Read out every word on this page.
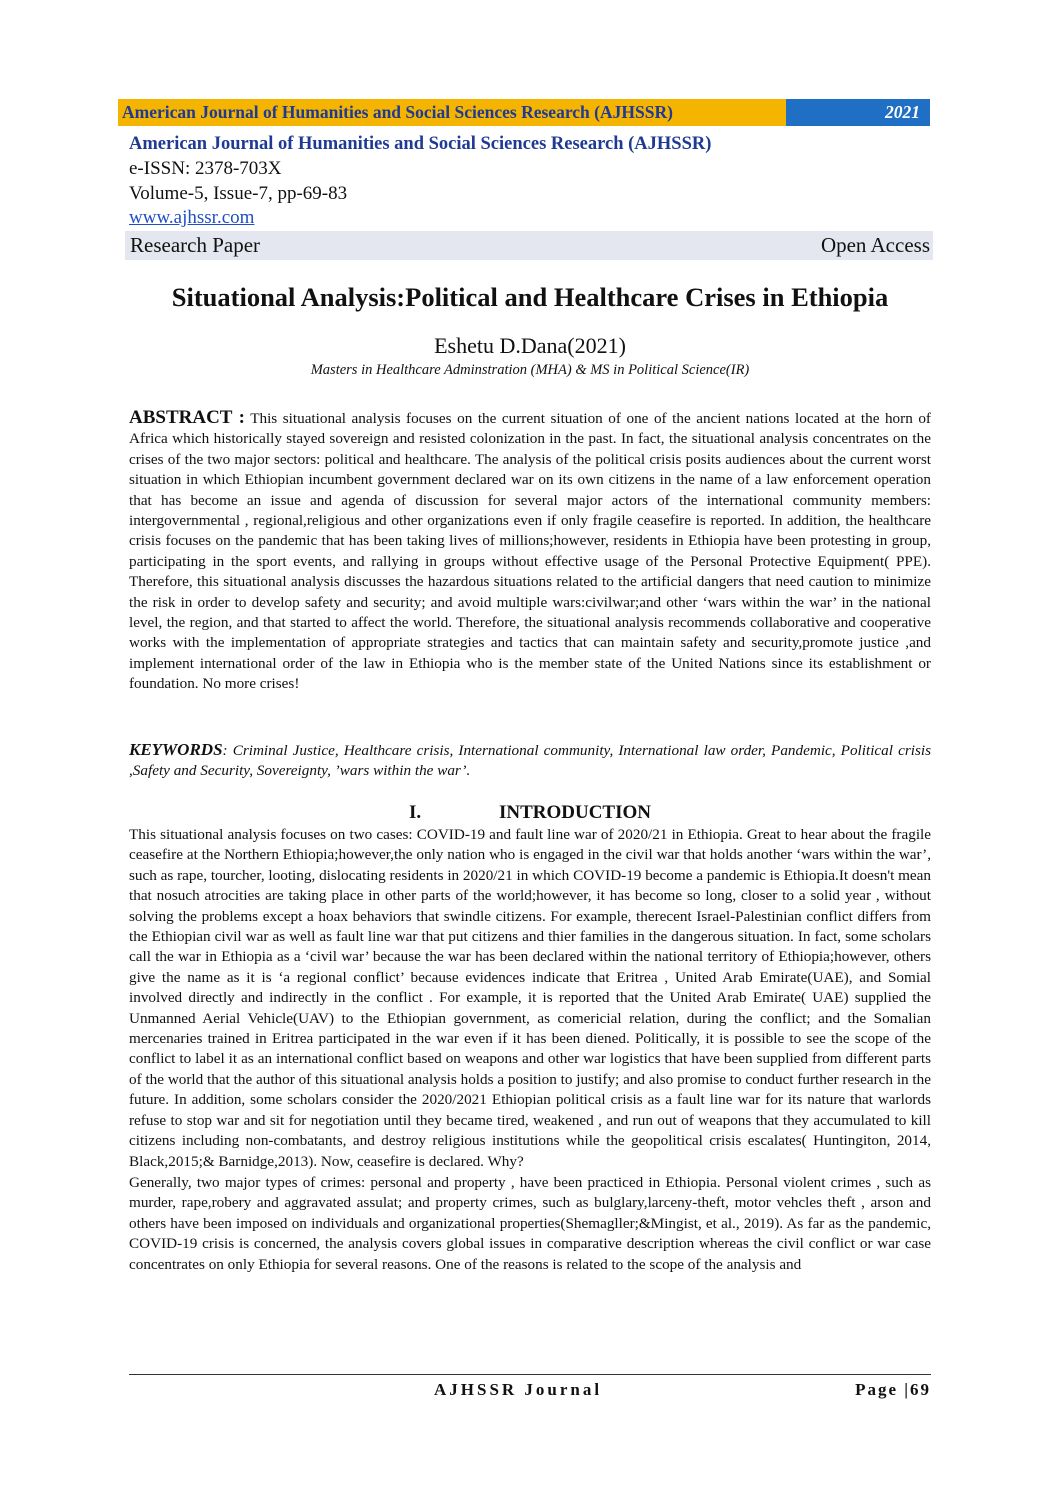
American Journal of Humanities and Social Sciences Research (AJHSSR)	2021
American Journal of Humanities and Social Sciences Research (AJHSSR)
e-ISSN: 2378-703X
Volume-5, Issue-7, pp-69-83
www.ajhssr.com
Research Paper	Open Access
Situational Analysis:Political and Healthcare Crises in Ethiopia
Eshetu D.Dana(2021)
Masters in Healthcare Adminstration (MHA) & MS in Political Science(IR)
ABSTRACT : This situational analysis focuses on the current situation of one of the ancient nations located at the horn of Africa which historically stayed sovereign and resisted colonization in the past. In fact, the situational analysis concentrates on the crises of the two major sectors: political and healthcare. The analysis of the political crisis posits audiences about the current worst situation in which Ethiopian incumbent government declared war on its own citizens in the name of a law enforcement operation that has become an issue and agenda of discussion for several major actors of the international community members: intergovernmental , regional,religious and other organizations even if only fragile ceasefire is reported. In addition, the healthcare crisis focuses on the pandemic that has been taking lives of millions;however, residents in Ethiopia have been protesting in group, participating in the sport events, and rallying in groups without effective usage of the Personal Protective Equipment( PPE). Therefore, this situational analysis discusses the hazardous situations related to the artificial dangers that need caution to minimize the risk in order to develop safety and security; and avoid multiple wars:civilwar;and other ‘wars within the war’ in the national level, the region, and that started to affect the world. Therefore, the situational analysis recommends collaborative and cooperative works with the implementation of appropriate strategies and tactics that can maintain safety and security,promote justice ,and implement international order of the law in Ethiopia who is the member state of the United Nations since its establishment or foundation. No more crises!
KEYWORDS: Criminal Justice, Healthcare crisis, International community, International law order, Pandemic, Political crisis ,Safety and Security, Sovereignty, ’wars within the war’.
I.	INTRODUCTION

This situational analysis focuses on two cases: COVID-19 and fault line war of 2020/21 in Ethiopia. Great to hear about the fragile ceasefire at the Northern Ethiopia;however,the only nation who is engaged in the civil war that holds another ‘wars within the war’, such as rape, tourcher, looting, dislocating residents in 2020/21 in which COVID-19 become a pandemic is Ethiopia.It doesn't mean that nosuch atrocities are taking place in other parts of the world;however, it has become so long, closer to a solid year , without solving the problems except a hoax behaviors that swindle citizens. For example, therecent Israel-Palestinian conflict differs from the Ethiopian civil war as well as fault line war that put citizens and thier families in the dangerous situation. In fact, some scholars call the war in Ethiopia as a ‘civil war’ because the war has been declared within the national territory of Ethiopia;however, others give the name as it is ‘a regional conflict’ because evidences indicate that Eritrea , United Arab Emirate(UAE), and Somial involved directly and indirectly in the conflict . For example, it is reported that the United Arab Emirate( UAE) supplied the Unmanned Aerial Vehicle(UAV) to the Ethiopian government, as comericial relation, during the conflict; and the Somalian mercenaries trained in Eritrea participated in the war even if it has been diened. Politically, it is possible to see the scope of the conflict to label it as an international conflict based on weapons and other war logistics that have been supplied from different parts of the world that the author of this situational analysis holds a position to justify; and also promise to conduct further research in the future. In addition, some scholars consider the 2020/2021 Ethiopian political crisis as a fault line war for its nature that warlords refuse to stop war and sit for negotiation until they became tired, weakened , and run out of weapons that they accumulated to kill citizens including non-combatants, and destroy religious institutions while the geopolitical crisis escalates( Huntingiton, 2014, Black,2015;& Barnidge,2013). Now, ceasefire is declared. Why?

Generally, two major types of crimes: personal and property , have been practiced in Ethiopia. Personal violent crimes , such as murder, rape,robery and aggravated assulat; and property crimes, such as bulglary,larceny-theft, motor vehcles theft , arson and others have been imposed on individuals and organizational properties(Shemagller;&Mingist, et al., 2019). As far as the pandemic, COVID-19 crisis is concerned, the analysis covers global issues in comparative description whereas the civil conflict or war case concentrates on only Ethiopia for several reasons. One of the reasons is related to the scope of the analysis and

AJHSSR Journal	Page |69
